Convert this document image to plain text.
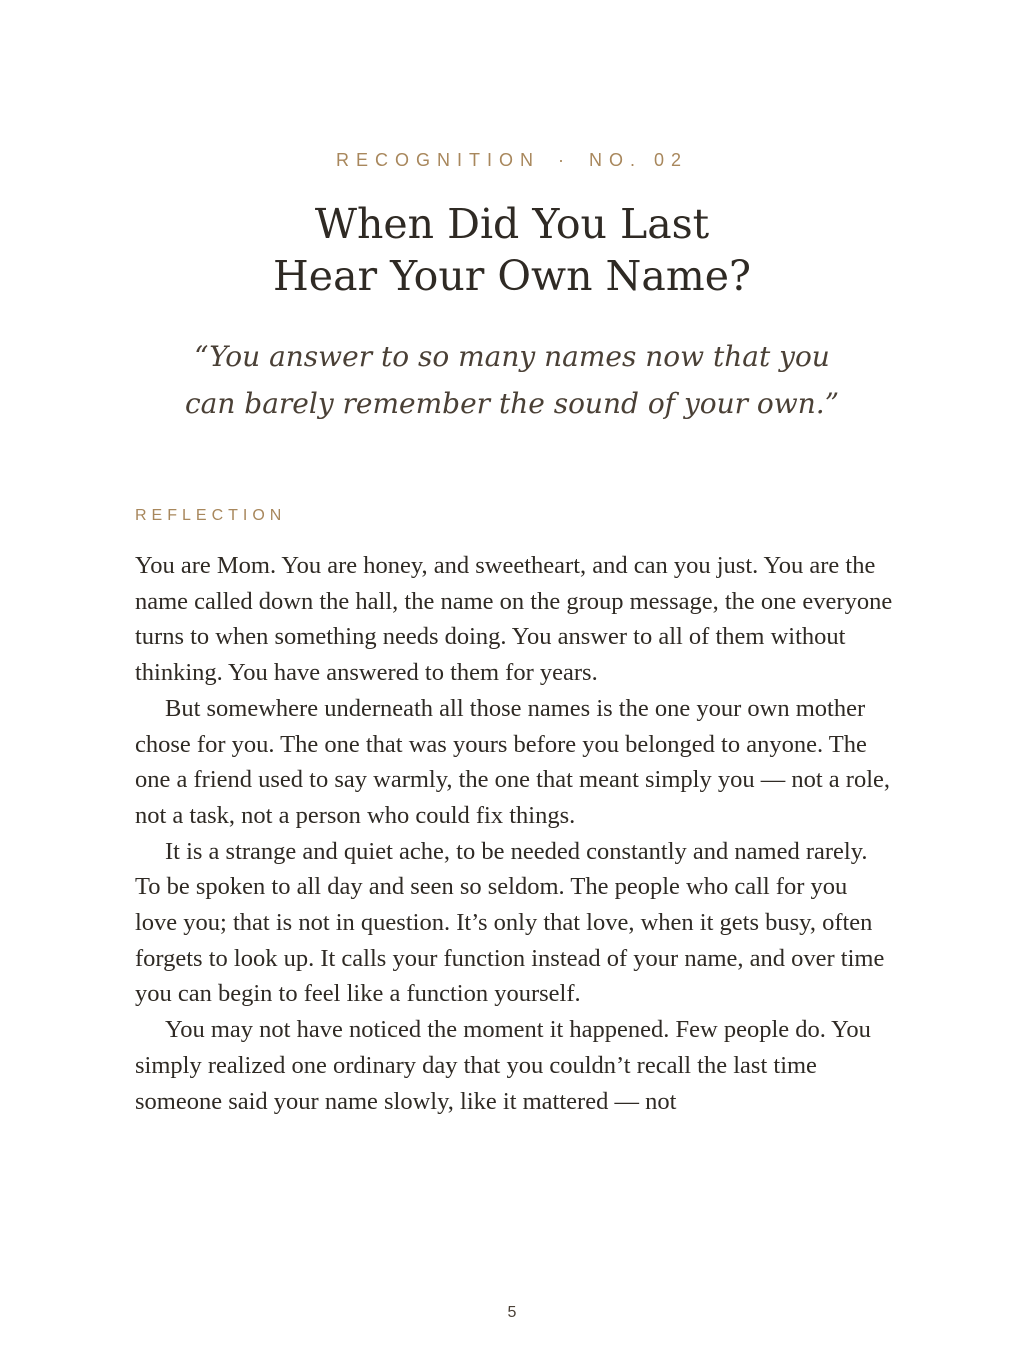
RECOGNITION · NO. 02
When Did You Last
Hear Your Own Name?

“You answer to so many names now that you can barely remember the sound of your own.”

REFLECTION

You are Mom. You are honey, and sweetheart, and can you just. You are the name called down the hall, the name on the group message, the one everyone turns to when something needs doing. You answer to all of them without thinking. You have answered to them for years.

But somewhere underneath all those names is the one your own mother chose for you. The one that was yours before you belonged to anyone. The one a friend used to say warmly, the one that meant simply you — not a role, not a task, not a person who could fix things.

It is a strange and quiet ache, to be needed constantly and named rarely. To be spoken to all day and seen so seldom. The people who call for you love you; that is not in question. It’s only that love, when it gets busy, often forgets to look up. It calls your function instead of your name, and over time you can begin to feel like a function yourself.

You may not have noticed the moment it happened. Few people do. You simply realized one ordinary day that you couldn’t recall the last time someone said your name slowly, like it mattered — not

5
